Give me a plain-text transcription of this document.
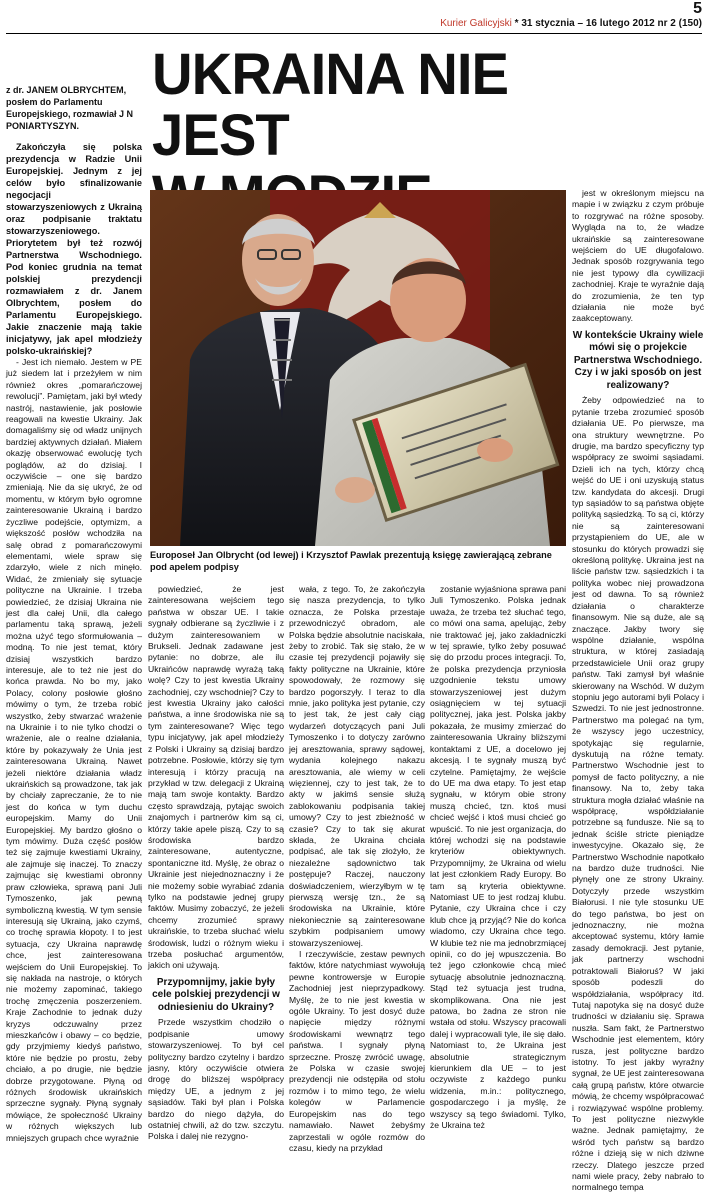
5
Kurier Galicyjski * 31 stycznia – 16 lutego 2012 nr 2 (150)

z dr. JANEM OLBRYCHTEM, posłem do Parlamentu Europejskiego, rozmawiał J N PONIARTYSZYN.

Zakończyła się polska prezydencja w Radzie Unii Europejskiej. Jednym z jej celów było sfinalizowanie negocjacji stowarzyszeniowych z Ukrainą oraz podpisanie traktatu stowarzyszeniowego. Priorytetem był też rozwój Partnerstwa Wschodniego. Pod koniec grudnia na temat polskiej prezydencji rozmawiałem z dr. Janem Olbrychtem, posłem do Parlamentu Europejskiego. Jakie znaczenie mają takie inicjatywy, jak apel młodzieży polsko-ukraińskiej?

- Jest ich niemało. Jestem w PE już siedem lat i przeżyłem w nim również okres „pomarańczowej rewolucji”. Pamiętam, jaki był wtedy nastrój, nastawienie, jak posłowie reagowali na kwestie Ukrainy. Jak domagaliśmy się od władz unijnych bardziej aktywnych działań. Miałem okazję obserwować ewolucję tych poglądów, aż do dzisiaj. I oczywiście – one się bardzo zmieniają. Nie da się ukryć, że od momentu, w którym było ogromne zainteresowanie Ukrainą i bardzo życzliwe podejście, optymizm, a większość posłów wchodziła na salę obrad z pomarańczowymi elementami, wiele spraw się zdarzyło, wiele z nich minęło. Widać, że zmieniały się sytuacje polityczne na Ukrainie. I trzeba powiedzieć, że dzisiaj Ukraina nie jest dla całej Unii, dla całego parlamentu taką sprawą, jeżeli można użyć tego sformułowania – modną. To nie jest temat, który dzisiaj wszystkich bardzo interesuje, ale to też nie jest do końca prawda. No bo my, jako Polacy, colony posłowie głośno mówimy o tym, że trzeba robić wszystko, żeby stwarzać wrażenie na Ukrainie i to nie tylko chodzi o wrażenie, ale o realne działania, które by pokazywały że Unia jest zainteresowana Ukrainą. Nawet jeżeli niektóre działania władz ukraińskich są prowadzone, tak jak by chciały zapreczanie, że to nie jest do końca w tym duchu europejskim. Mamy do Unii Europejskiej. My bardzo głośno o tym mówimy. Duża część posłów też się zajmuje kwestiami Ukrainy, ale zajmuje się inaczej. To znaczy zajmując się kwestiami obronny praw człowieka, sprawą pani Juli Tymoszenko, jak pewną symboliczną kwestią. W tym sensie interesują się Ukrainą, jako czymś, co trochę sprawia kłopoty. I to jest sytuacja, czy Ukraina naprawdę chce, jest zainteresowana wejściem do Unii Europejskiej. To się nakłada na nastroje, o których nie możemy zapominać, takiego trochę zmęczenia poszerzeniem. Kraje Zachodnie to jednak duży kryzys odczuwalny przez mieszkańców i obawy – co będzie, gdy przyjmiemy kiedyś państwo, które nie będzie po prostu, żeby chciało, a po drugie, nie będzie dobrze przygotowane. Płyną od różnych środowisk ukraińskich sprzeczne sygnały. Płyną sygnały mówiące, że społeczność Ukrainy w różnych większych lub mniejszych grupach chce wyraźnie

UKRAINA NIE JEST
Europoseł Jan Olbrycht (od lewej) i Krzysztof Pawlak prezentują księgę zawierającą zebrane pod apelem podpisy

powiedzieć, że jest zainteresowana wejściem tego państwa w obszar UE. I takie sygnały odbierane są życzliwie i z dużym zainteresowaniem w Brukseli. Jednak zadawane jest pytanie: no dobrze, ale ilu Ukraińców naprawdę wyrażą taką wolę? Czy to jest kwestia Ukrainy zachodniej, czy wschodniej? Czy to jest kwestia Ukrainy jako całości państwa, a inne środowiska nie są tym zainteresowane? Więc tego typu inicjatywy, jak apel młodzieży z Polski i Ukrainy są dzisiaj bardzo potrzebne. Posłowie, którzy się tym interesują i którzy pracują na przykład w tzw. delegacji z Ukrainą mają tam swoje kontakty. Bardzo często sprawdzają, pytając swoich znajomych i partnerów kim są ci, którzy takie apele piszą. Czy to są środowiska bardzo zainteresowane, autentyczne, spontaniczne itd. Myślę, że obraz o Ukrainie jest niejednoznaczny i że nie możemy sobie wyrabiać zdania tylko na podstawie jednej grupy faktów. Musimy zobaczyć, że jeżeli chcemy zrozumieć sprawy ukraińskie, to trzeba słuchać wielu środowisk, ludzi o różnym wieku i trzeba posłuchać argumentów, jakich oni używają.

Przypomnijmy, jakie były cele polskiej prezydencji w odniesieniu do Ukrainy?

Przede wszystkim chodziło o podpisanie umowy stowarzyszeniowej. To był cel polityczny bardzo czytelny i bardzo jasny, który oczywiście otwiera drogę do bliższej współpracy między UE, a jednym z jej sąsiadów. Taki był plan i Polska bardzo do niego dążyła, do ostatniej chwili, aż do tzw. szczytu. Polska i dalej nie rezygno-

wała, z tego. To, że zakończyła się nasza prezydencja, to tylko oznacza, że Polska przestaje przewodniczyć obradom, ale Polska będzie absolutnie naciskała, żeby to zrobić. Tak się stało, że w czasie tej prezydencji pojawiły się fakty polityczne na Ukrainie, które spowodowały, że rozmowy się bardzo pogorszyły. I teraz to dla mnie, jako polityka jest pytanie, czy to jest tak, że jest cały ciąg wydarzeń dotyczących pani Juli Tymoszenko i to dotyczy zarówno jej aresztowania, sprawy sądowej, wydania kolejnego nakazu aresztowania, ale wiemy w celi więziennej, czy to jest tak, że to akty w jakimś sensie służą zablokowaniu podpisania takiej umowy? Czy to jest zbieżność w czasie? Czy to tak się akurat składa, że Ukraina chciała podpisać, ale tak się złożyło, że niezależne sądownictwo tak postępuje? Raczej, nauczony doświadczeniem, wierzyłbym w tę pierwszą wersję tzn., że są środowiska na Ukrainie, które niekoniecznie są zainteresowane szybkim podpisaniem umowy stowarzyszeniowej.

I rzeczywiście, zestaw pewnych faktów, które natychmiast wywołują pewne kontrowersje w Europie Zachodniej jest nieprzypadkowy. Myślę, że to nie jest kwestia w ogóle Ukrainy. To jest dosyć duże napięcie między różnymi środowiskami wewnątrz tego państwa. I sygnały płyną sprzeczne. Proszę zwrócić uwagę, że Polska w czasie swojej prezydencji nie odstępiła od stołu rozmów i to mimo tego, że wielu kolegów w Parlamencie Europejskim nas do tego namawiało. Nawet żebyśmy zaprzestali w ogóle rozmów do czasu, kiedy na przykład

zostanie wyjaśniona sprawa pani Juli Tymoszenko. Polska jednak uważa, że trzeba też słuchać tego, co mówi ona sama, apelując, żeby nie traktować jej, jako zakładniczki w tej sprawie, tylko żeby posuwać się do przodu proces integracji. To, że polska prezydencja przyniosła uzgodnienie tekstu umowy stowarzyszeniowej jest dużym osiągnięciem w tej sytuacji politycznej, jaka jest. Polska jakby pokazała, że musimy zmierzać do zainteresowania Ukrainy bliższymi kontaktami z UE, a docelowo jej akcesją. I te sygnały muszą być czytelne. Pamiętajmy, że wejście do UE ma dwa etapy. To jest etap sygnału, w którym obie strony muszą chcieć, tzn. ktoś musi chcieć wejść i ktoś musi chcieć go wpuścić. To nie jest organizacja, do której wchodzi się na podstawie kryteriów obiektywnych. Przypomnijmy, że Ukraina od wielu lat jest członkiem Rady Europy. Bo tam są kryteria obiektywne. Natomiast UE to jest rodzaj klubu. Pytanie, czy Ukraina chce i czy klub chce ją przyjąć? Nie do końca wiadomo, czy Ukraina chce tego. W klubie też nie ma jednobrzmiącej opinii, co do jej wpuszczenia. Bo też jego członkowie chcą mieć sytuację absolutnie jednoznaczną. Stąd też sytuacja jest trudna, skomplikowana. Ona nie jest patowa, bo żadna ze stron nie wstała od stołu. Wszyscy pracowali dalej i wypracowali tyle, ile się dało. Natomiast to, że Ukraina jest absolutnie strategicznym kierunkiem dla UE – to jest oczywiste z każdego punku widzenia, m.in.: politycznego, gospodarczego i ja myślę, że wszyscy są tego świadomi. Tylko, że Ukraina też

jest w określonym miejscu na mapie i w związku z czym próbuje to rozgrywać na różne sposoby. Wygląda na to, że władze ukraińskie są zainteresowane wejściem do UE długofalowo. Jednak sposób rozgrywania tego nie jest typowy dla cywilizacji zachodniej. Kraje te wyraźnie dają do zrozumienia, że ten typ działania nie może być zaakceptowany.

W kontekście Ukrainy wiele mówi się o projekcie Partnerstwa Wschodniego. Czy i w jaki sposób on jest realizowany?

Żeby odpowiedzieć na to pytanie trzeba zrozumieć sposób działania UE. Po pierwsze, ma ona struktury wewnętrzne. Po drugie, ma bardzo specyficzny typ współpracy ze swoimi sąsiadami. Dzieli ich na tych, którzy chcą wejść do UE i oni uzyskują status tzw. kandydata do akcesji. Drugi typ sąsiadów to są państwa objęte polityką sąsiedzką. To są ci, którzy nie są zainteresowani przystąpieniem do UE, ale w stosunku do których prowadzi się określoną politykę. Ukraina jest na liście państw tzw. sąsiedzkich i ta polityka wobec niej prowadzona jest od dawna. To są również działania o charakterze finansowym. Nie są duże, ale są znaczące. Jakby twory się wspólne działanie, wspólna struktura, w której zasiadają przedstawiciele Unii oraz grupy państw. Taki zamysł był właśnie skierowany na Wschód. W dużym stopniu jego autorami byli Polacy i Szwedzi. To nie jest jednostronne. Partnerstwo ma polegać na tym, że wszyscy jego uczestnicy, spotykając się regularnie, dyskutują na różne tematy. Partnerstwo Wschodnie jest to pomysł de facto polityczny, a nie finansowy. Na to, żeby taka struktura mogła działać właśnie na współpracę, współdziałanie potrzebne są fundusze. Nie są to jednak ściśle stricte pieniądze inwestycyjne. Okazało się, że Partnerstwo Wschodnie napotkało na bardzo duże trudności. Nie płynęły one ze strony Ukrainy. Dotyczyły przede wszystkim Białorusi. I nie tyle stosunku UE do tego państwa, bo jest on jednoznaczny, nie można akceptować systemu, który łamie zasady demokracji. Jest pytanie, jak partnerzy wschodni potraktowali Białoruś? W jaki sposób podeszli do współdziałania, współpracy itd. Tutaj napotyka się na dosyć duże trudności w działaniu się. Sprawa nuszła. Sam fakt, że Partnerstwo Wschodnie jest elementem, który rusza, jest polityczne bardzo istotny. To jest jakby wyraźny sygnał, że UE jest zainteresowana całą grupą państw, które otwarcie mówią, że chcemy współpracować i rozwiązywać wspólne problemy. To jest polityczne niezwykle ważne. Jednak pamiętajmy, że wśród tych państw są bardzo różne i dzieją się w nich dziwne rzeczy. Dlatego jeszcze przed nami wiele pracy, żeby nabrało to normalnego tempa
